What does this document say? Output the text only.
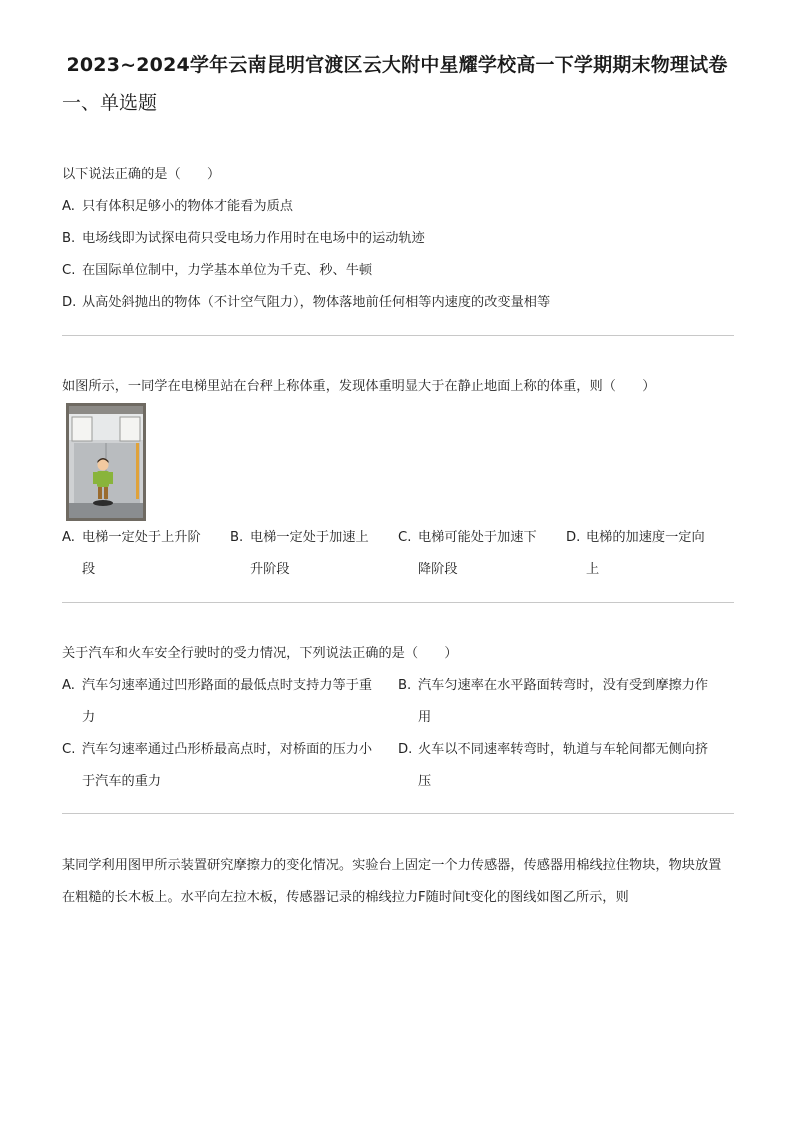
2023~2024学年云南昆明官渡区云大附中星耀学校高一下学期期末物理试卷
一、单选题

以下说法正确的是（　　）

A. 只有体积足够小的物体才能看为质点
B. 电场线即为试探电荷只受电场力作用时在电场中的运动轨迹
C. 在国际单位制中，力学基本单位为千克、秒、牛顿
D. 从高处斜抛出的物体（不计空气阻力），物体落地前任何相等内速度的改变量相等

如图所示，一同学在电梯里站在台秤上称体重，发现体重明显大于在静止地面上称的体重，则（　　）

A. 电梯一定处于上升阶段
B. 电梯一定处于加速上升阶段
C. 电梯可能处于加速下降阶段
D. 电梯的加速度一定向上

关于汽车和火车安全行驶时的受力情况，下列说法正确的是（　　）

A. 汽车匀速率通过凹形路面的最低点时支持力等于重力
B. 汽车匀速率在水平路面转弯时，没有受到摩擦力作用
C. 汽车匀速率通过凸形桥最高点时，对桥面的压力小于汽车的重力
D. 火车以不同速率转弯时，轨道与车轮间都无侧向挤压

某同学利用图甲所示装置研究摩擦力的变化情况。实验台上固定一个力传感器，传感器用棉线拉住物块，物块放置在粗糙的长木板上。水平向左拉木板，传感器记录的棉线拉力F随时间t变化的图线如图乙所示，则
